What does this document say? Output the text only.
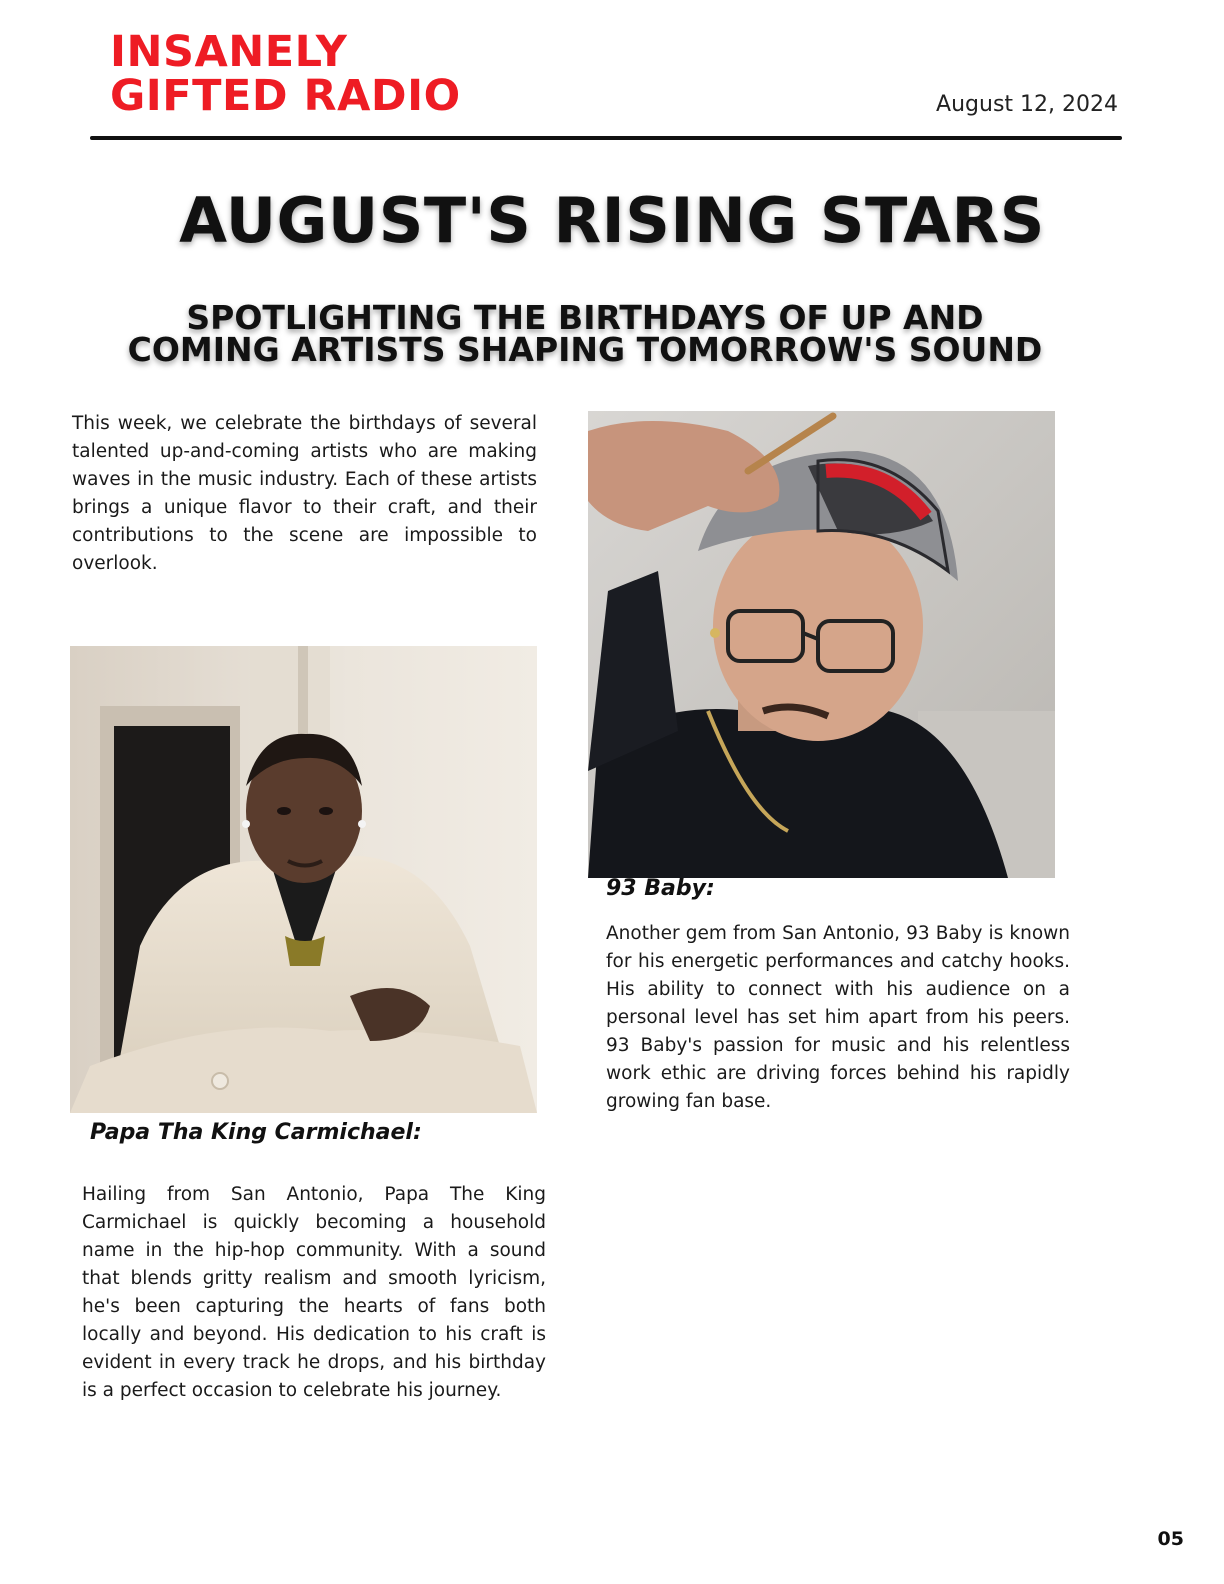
INSANELY
GIFTED RADIO	August 12, 2024
AUGUST'S RISING STARS
SPOTLIGHTING THE BIRTHDAYS OF UP AND COMING ARTISTS SHAPING TOMORROW'S SOUND

This week, we celebrate the birthdays of several talented up-and-coming artists who are making waves in the music industry. Each of these artists brings a unique flavor to their craft, and their contributions to the scene are impossible to overlook.

Papa Tha King Carmichael:

Hailing from San Antonio, Papa The King Carmichael is quickly becoming a household name in the hip-hop community. With a sound that blends gritty realism and smooth lyricism, he's been capturing the hearts of fans both locally and beyond. His dedication to his craft is evident in every track he drops, and his birthday is a perfect occasion to celebrate his journey.

93 Baby:

Another gem from San Antonio, 93 Baby is known for his energetic performances and catchy hooks. His ability to connect with his audience on a personal level has set him apart from his peers. 93 Baby's passion for music and his relentless work ethic are driving forces behind his rapidly growing fan base.

05
